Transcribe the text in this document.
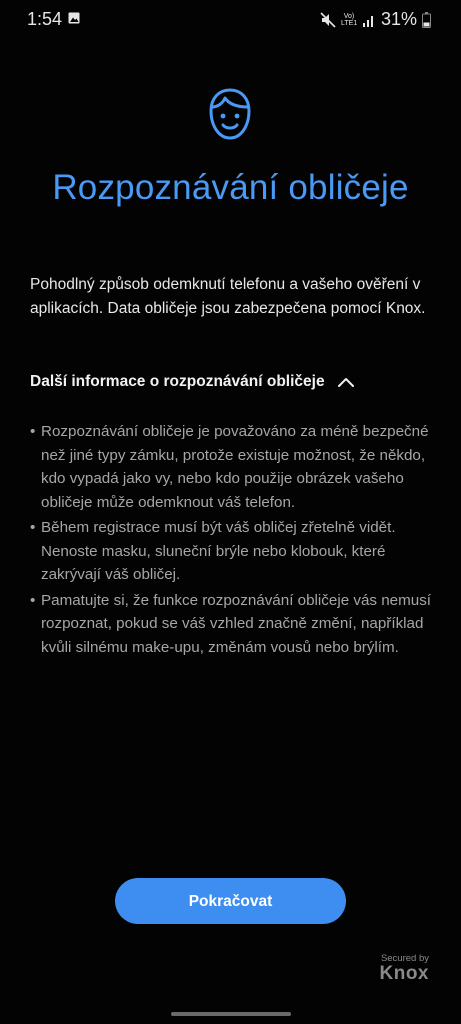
1:54	Vo)
LTE1 31%
Rozpoznávání obličeje
Pohodlný způsob odemknutí telefonu a vašeho ověření v aplikacích. Data obličeje jsou zabezpečena pomocí Knox.
Další informace o rozpoznávání obličeje
• Rozpoznávání obličeje je považováno za méně bezpečné než jiné typy zámku, protože existuje možnost, že někdo, kdo vypadá jako vy, nebo kdo použije obrázek vašeho obličeje může odemknout váš telefon.
• Během registrace musí být váš obličej zřetelně vidět. Nenoste masku, sluneční brýle nebo klobouk, které zakrývají váš obličej.
• Pamatujte si, že funkce rozpoznávání obličeje vás nemusí rozpoznat, pokud se váš vzhled značně změní, například kvůli silnému make-upu, změnám vousů nebo brýlím.
Pokračovat
Secured by
Knox
